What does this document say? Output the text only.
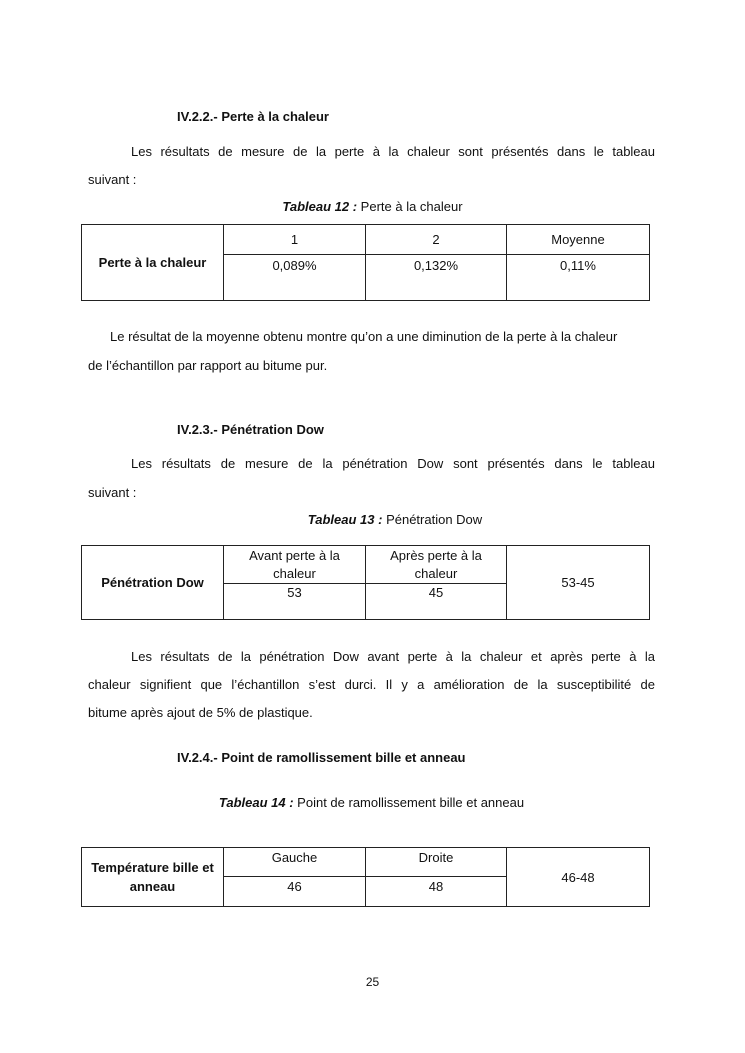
IV.2.2.- Perte à la chaleur
Les résultats de mesure de la perte à la chaleur sont présentés dans le tableau
suivant :
Tableau 12 : Perte à la chaleur
Perte à la chaleur	1	2	Moyenne
	0,089%	0,132%	0,11%
Le résultat de la moyenne obtenu montre qu’on a une diminution de la perte à la chaleur
de l’échantillon par rapport au bitume pur.
IV.2.3.- Pénétration Dow
Les résultats de mesure de la pénétration Dow sont présentés dans le tableau
suivant :
Tableau 13 : Pénétration Dow
Pénétration Dow	Avant perte à la chaleur	Après perte à la chaleur	53-45
	53	45	
Les résultats de la pénétration Dow avant perte à la chaleur et après perte à la
chaleur signifient que l’échantillon s’est durci. Il y a amélioration de la susceptibilité de
bitume après ajout de 5% de plastique.
IV.2.4.- Point de ramollissement bille et anneau
Tableau 14 : Point de ramollissement bille et anneau
Température bille et anneau	Gauche	Droite	46-48
	46	48	
25
